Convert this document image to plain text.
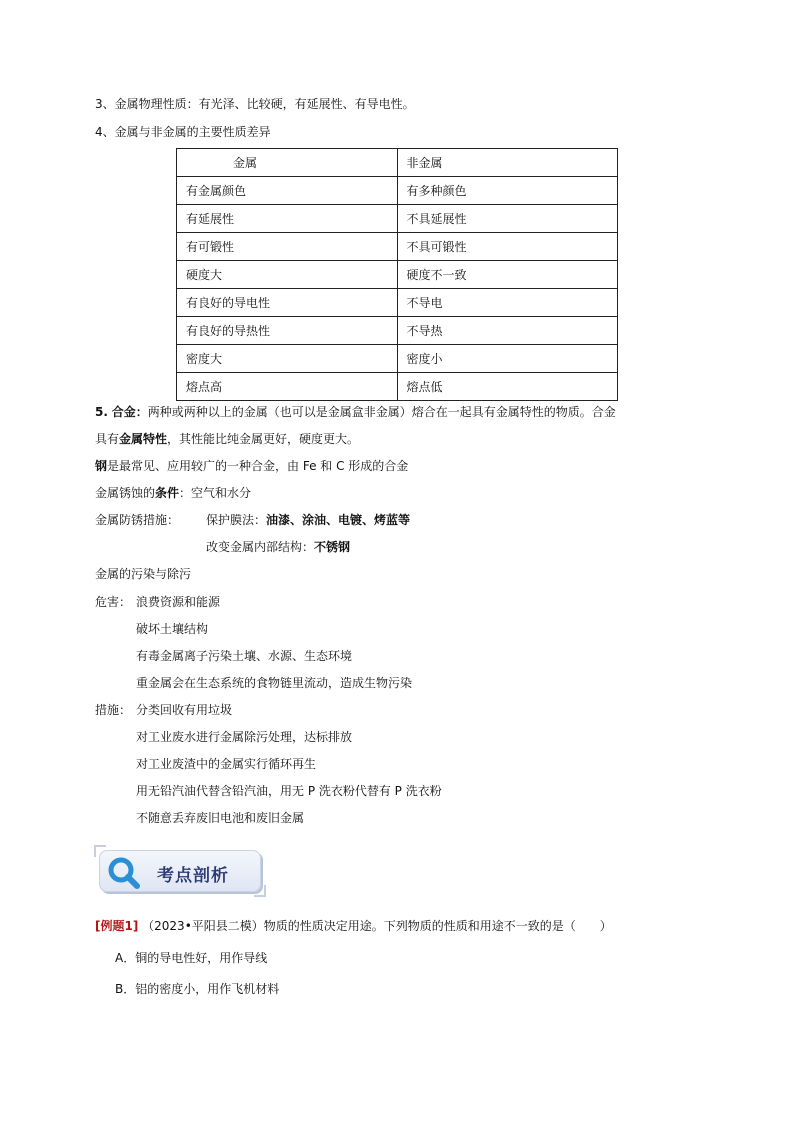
3、金属物理性质：有光泽、比较硬，有延展性、有导电性。
4、金属与非金属的主要性质差异
金属	非金属
有金属颜色	有多种颜色
有延展性	不具延展性
有可锻性	不具可锻性
硬度大	硬度不一致
有良好的导电性	不导电
有良好的导热性	不导热
密度大	密度小
熔点高	熔点低
5. 合金：两种或两种以上的金属（也可以是金属盒非金属）熔合在一起具有金属特性的物质。合金
具有金属特性，其性能比纯金属更好，硬度更大。
钢是最常见、应用较广的一种合金，由 Fe 和 C 形成的合金
金属锈蚀的条件：空气和水分
金属防锈措施： 保护膜法：油漆、涂油、电镀、烤蓝等
改变金属内部结构：不锈钢
金属的污染与除污
危害： 浪费资源和能源
破坏土壤结构
有毒金属离子污染土壤、水源、生态环境
重金属会在生态系统的食物链里流动，造成生物污染
措施： 分类回收有用垃圾
对工业废水进行金属除污处理，达标排放
对工业废渣中的金属实行循环再生
用无铅汽油代替含铅汽油，用无 P 洗衣粉代替有 P 洗衣粉
不随意丢弃废旧电池和废旧金属
考点剖析
[例题1] （2023•平阳县二模）物质的性质决定用途。下列物质的性质和用途不一致的是（　　）
A．铜的导电性好，用作导线
B．铝的密度小，用作飞机材料
